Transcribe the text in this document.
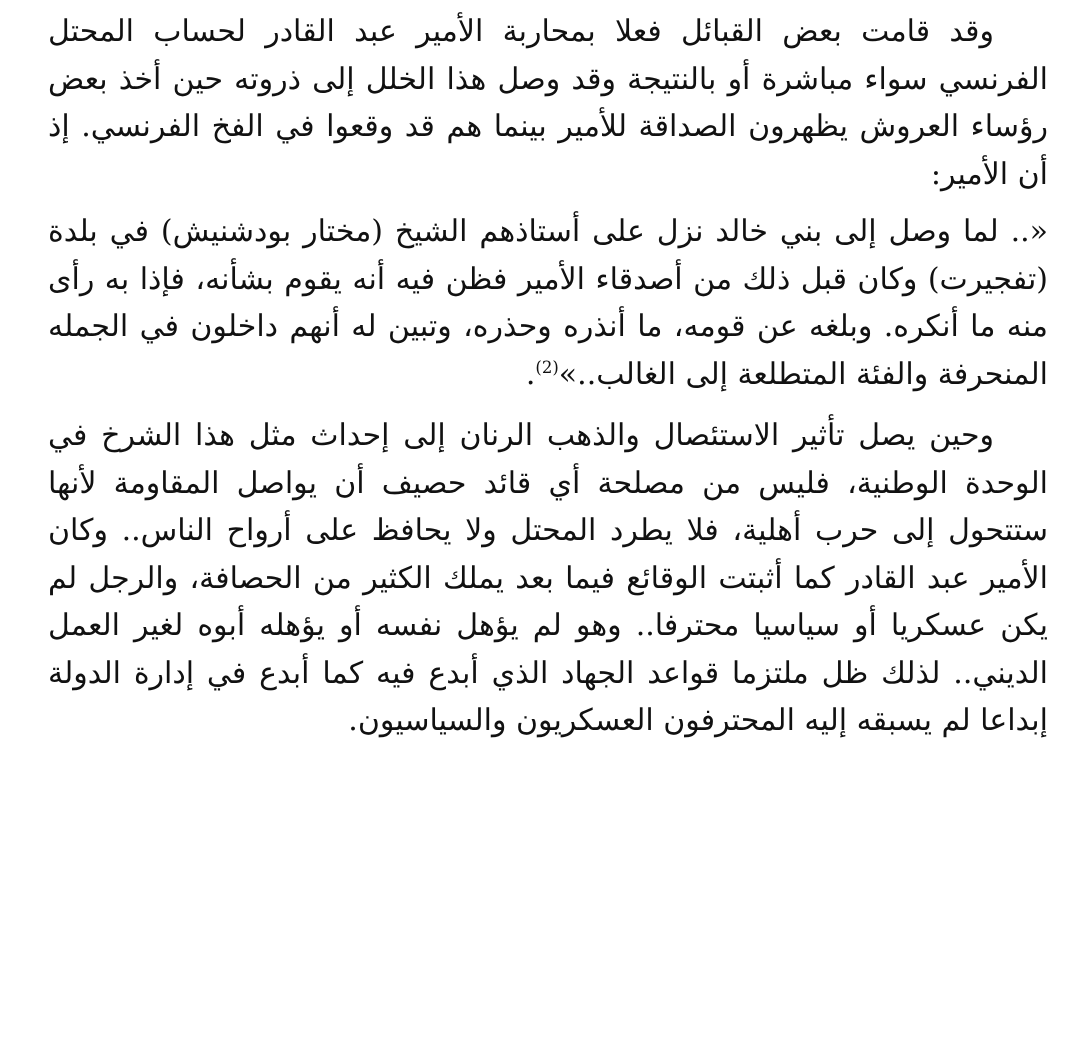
وقد قامت بعض القبائل فعلا بمحاربة الأمير عبد القادر لحساب المحتل الفرنسي سواء مباشرة أو بالنتيجة وقد وصل هذا الخلل إلى ذروته حين أخذ بعض رؤساء العروش يظهرون الصداقة للأمير بينما هم قد وقعوا في الفخ الفرنسي. إذ أن الأمير:

«.. لما وصل إلى بني خالد نزل على أستاذهم الشيخ (مختار بودشنيش) في بلدة (تفجيرت) وكان قبل ذلك من أصدقاء الأمير فظن فيه أنه يقوم بشأنه، فإذا به رأى منه ما أنكره. وبلغه عن قومه، ما أنذره وحذره، وتبين له أنهم داخلون في الجمله المنحرفة والفئة المتطلعة إلى الغالب..»$^{(2)}$.

وحين يصل تأثير الاستئصال والذهب الرنان إلى إحداث مثل هذا الشرخ في الوحدة الوطنية، فليس من مصلحة أي قائد حصيف أن يواصل المقاومة لأنها ستتحول إلى حرب أهلية، فلا يطرد المحتل ولا يحافظ على أرواح الناس.. وكان الأمير عبد القادر كما أثبتت الوقائع فيما بعد يملك الكثير من الحصافة، والرجل لم يكن عسكريا أو سياسيا محترفا.. وهو لم يؤهل نفسه أو يؤهله أبوه لغير العمل الديني.. لذلك ظل ملتزما قواعد الجهاد الذي أبدع فيه كما أبدع في إدارة الدولة إبداعا لم يسبقه إليه المحترفون العسكريون والسياسيون.
